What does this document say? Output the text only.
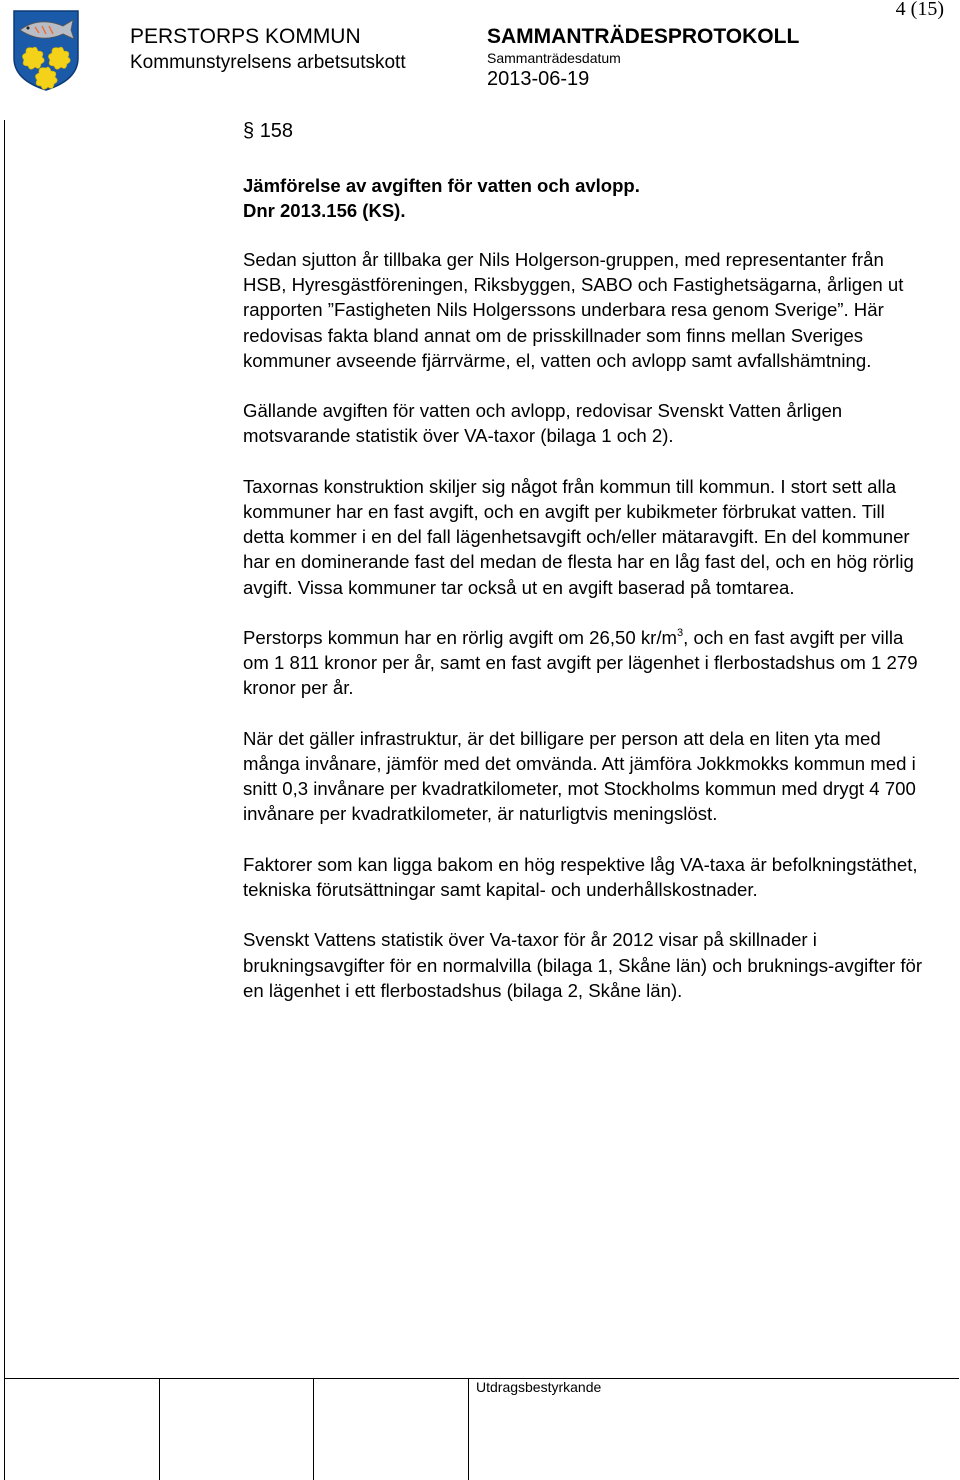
4 (15)
PERSTORPS KOMMUN
Kommunstyrelsens arbetsutskott
SAMMANTRÄDESPROTOKOLL
Sammanträdesdatum
2013-06-19
§ 158
Jämförelse av avgiften för vatten och avlopp.
Dnr 2013.156 (KS).

Sedan sjutton år tillbaka ger Nils Holgerson-gruppen, med representanter från HSB, Hyresgästföreningen, Riksbyggen, SABO och Fastighetsägarna, årligen ut rapporten ”Fastigheten Nils Holgerssons underbara resa genom Sverige”. Här redovisas fakta bland annat om de prisskillnader som finns mellan Sveriges kommuner avseende fjärrvärme, el, vatten och avlopp samt avfallshämtning.

Gällande avgiften för vatten och avlopp, redovisar Svenskt Vatten årligen motsvarande statistik över VA-taxor (bilaga 1 och 2).

Taxornas konstruktion skiljer sig något från kommun till kommun. I stort sett alla kommuner har en fast avgift, och en avgift per kubikmeter förbrukat vatten. Till detta kommer i en del fall lägenhetsavgift och/eller mätaravgift. En del kommuner har en dominerande fast del medan de flesta har en låg fast del, och en hög rörlig avgift. Vissa kommuner tar också ut en avgift baserad på tomtarea.

Perstorps kommun har en rörlig avgift om 26,50 $kr/m^3$, och en fast avgift per villa om 1 811 kronor per år, samt en fast avgift per lägenhet i flerbostadshus om 1 279 kronor per år.

När det gäller infrastruktur, är det billigare per person att dela en liten yta med många invånare, jämför med det omvända. Att jämföra Jokkmokks kommun med i snitt 0,3 invånare per kvadratkilometer, mot Stockholms kommun med drygt 4 700 invånare per kvadratkilometer, är naturligtvis meningslöst.

Faktorer som kan ligga bakom en hög respektive låg VA-taxa är befolkningstäthet, tekniska förutsättningar samt kapital- och underhållskostnader.

Svenskt Vattens statistik över Va-taxor för år 2012 visar på skillnader i brukningsavgifter för en normalvilla (bilaga 1, Skåne län) och bruknings-avgifter för en lägenhet i ett flerbostadshus (bilaga 2, Skåne län).

Utdragsbestyrkande
